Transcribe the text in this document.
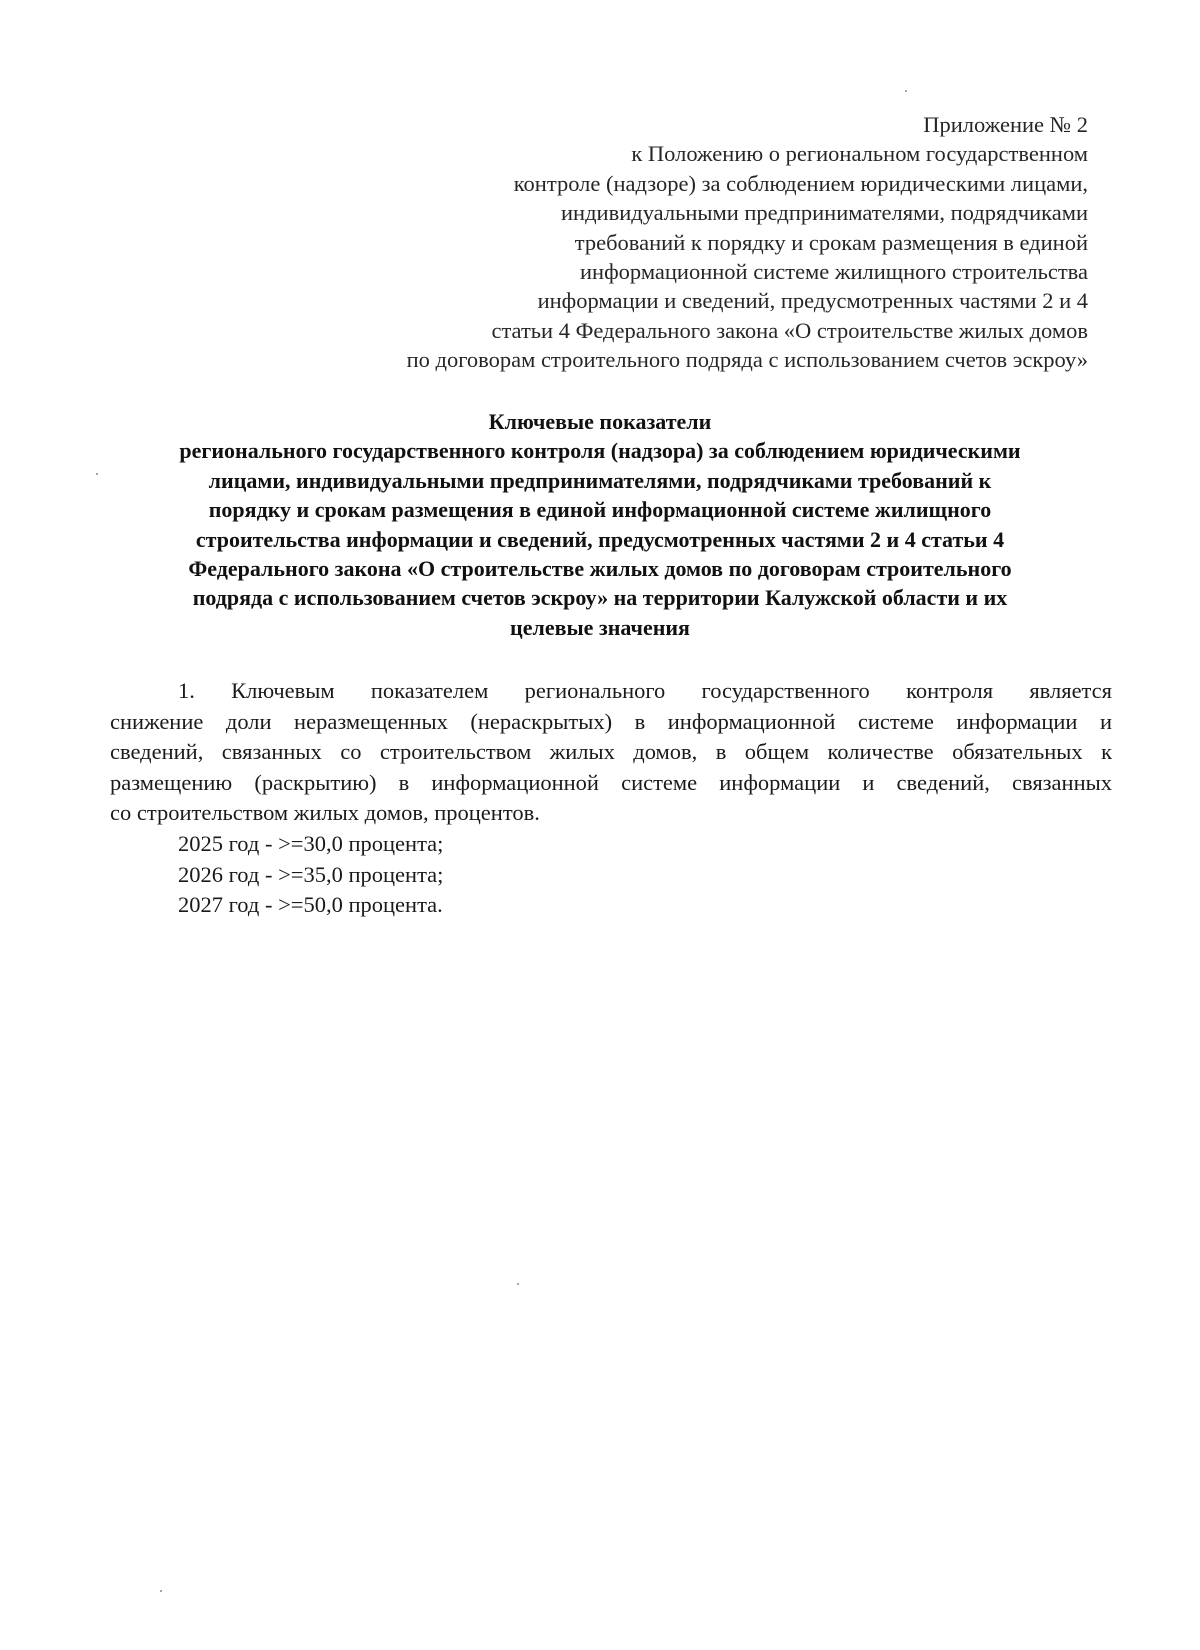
Приложение № 2
к Положению о региональном государственном
контроле (надзоре) за соблюдением юридическими лицами,
индивидуальными предпринимателями, подрядчиками
требований к порядку и срокам размещения в единой
информационной системе жилищного строительства
информации и сведений, предусмотренных частями 2 и 4
статьи 4 Федерального закона «О строительстве жилых домов
по договорам строительного подряда с использованием счетов эскроу»
Ключевые показатели
регионального государственного контроля (надзора) за соблюдением юридическими
лицами, индивидуальными предпринимателями, подрядчиками требований к
порядку и срокам размещения в единой информационной системе жилищного
строительства информации и сведений, предусмотренных частями 2 и 4 статьи 4
Федерального закона «О строительстве жилых домов по договорам строительного
подряда с использованием счетов эскроу» на территории Калужской области и их
целевые значения
1. Ключевым показателем регионального государственного контроля является
снижение доли неразмещенных (нераскрытых) в информационной системе информации и
сведений, связанных со строительством жилых домов, в общем количестве обязательных к
размещению (раскрытию) в информационной системе информации и сведений, связанных
со строительством жилых домов, процентов.
2025 год - >=30,0 процента;
2026 год - >=35,0 процента;
2027 год - >=50,0 процента.
